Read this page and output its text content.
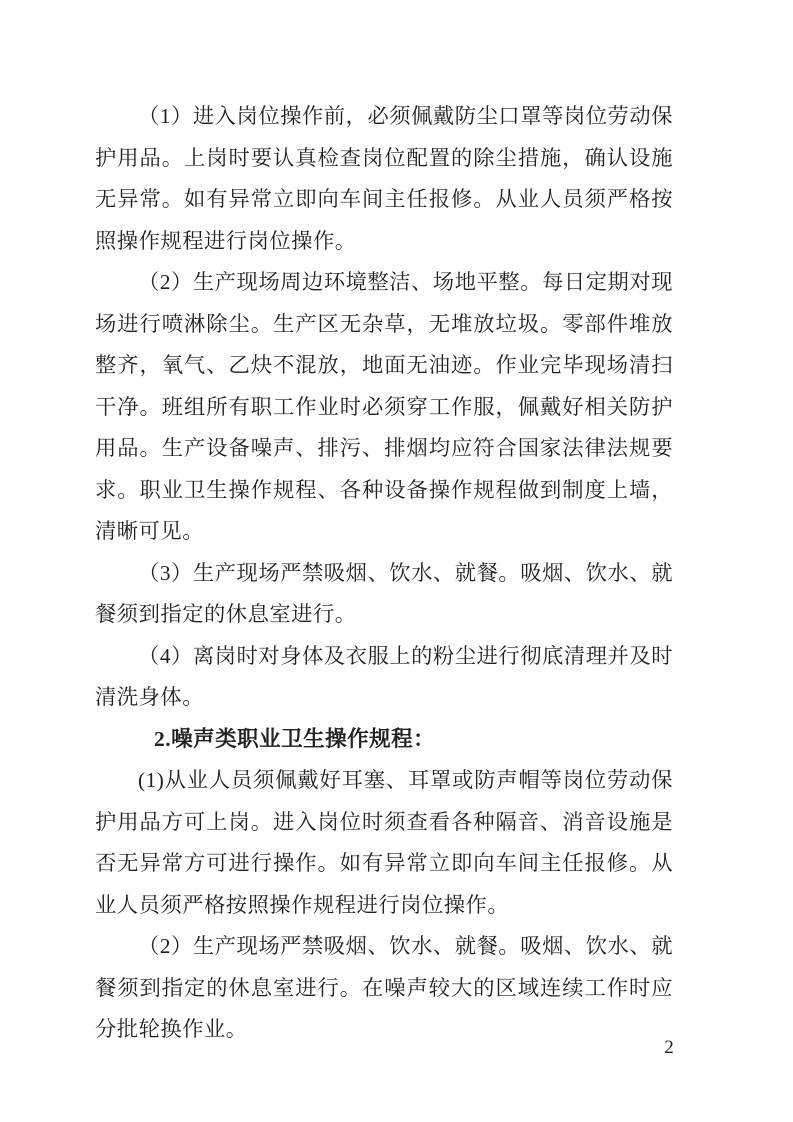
（1）进入岗位操作前，必须佩戴防尘口罩等岗位劳动保护用品。上岗时要认真检查岗位配置的除尘措施，确认设施无异常。如有异常立即向车间主任报修。从业人员须严格按照操作规程进行岗位操作。

（2）生产现场周边环境整洁、场地平整。每日定期对现场进行喷淋除尘。生产区无杂草，无堆放垃圾。零部件堆放整齐，氧气、乙炔不混放，地面无油迹。作业完毕现场清扫干净。班组所有职工作业时必须穿工作服，佩戴好相关防护用品。生产设备噪声、排污、排烟均应符合国家法律法规要求。职业卫生操作规程、各种设备操作规程做到制度上墙，清晰可见。

（3）生产现场严禁吸烟、饮水、就餐。吸烟、饮水、就餐须到指定的休息室进行。

（4）离岗时对身体及衣服上的粉尘进行彻底清理并及时清洗身体。

2.噪声类职业卫生操作规程：

(1)从业人员须佩戴好耳塞、耳罩或防声帽等岗位劳动保护用品方可上岗。进入岗位时须查看各种隔音、消音设施是否无异常方可进行操作。如有异常立即向车间主任报修。从业人员须严格按照操作规程进行岗位操作。

（2）生产现场严禁吸烟、饮水、就餐。吸烟、饮水、就餐须到指定的休息室进行。在噪声较大的区域连续工作时应分批轮换作业。

2
